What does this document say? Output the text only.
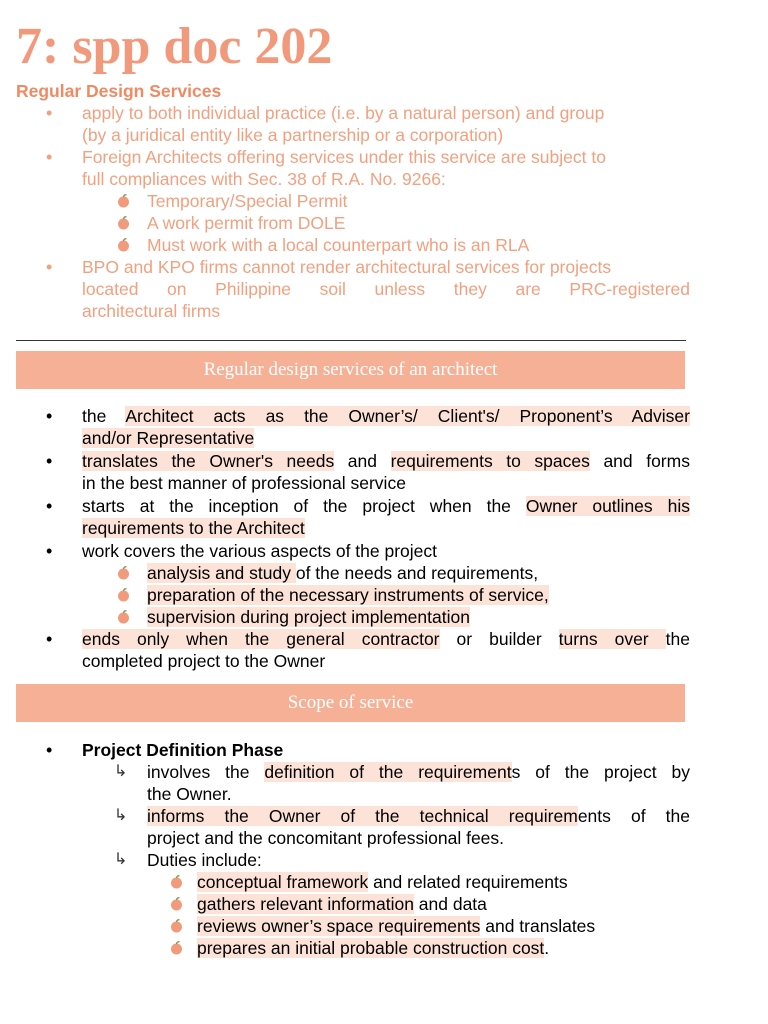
7: spp doc 202
Regular Design Services
• apply to both individual practice (i.e. by a natural person) and group
(by a juridical entity like a partnership or a corporation)
• Foreign Architects offering services under this service are subject to
full compliances with Sec. 38 of R.A. No. 9266:
Temporary/Special Permit
A work permit from DOLE
Must work with a local counterpart who is an RLA
• BPO and KPO firms cannot render architectural services for projects
located on Philippine soil unless they are PRC-registered
architectural firms
Regular design services of an architect
• the Architect acts as the Owner’s/ Client's/ Proponent’s Adviser
and/or Representative
• translates the Owner's needs and requirements to spaces and forms
in the best manner of professional service
• starts at the inception of the project when the Owner outlines his
requirements to the Architect
• work covers the various aspects of the project
analysis and study of the needs and requirements,
preparation of the necessary instruments of service,
supervision during project implementation
• ends only when the general contractor or builder turns over the
completed project to the Owner
Scope of service
• Project Definition Phase
↳ involves the definition of the requirements of the project by
the Owner.
↳ informs the Owner of the technical requirements of the
project and the concomitant professional fees.
↳ Duties include:
conceptual framework and related requirements
gathers relevant information and data
reviews owner’s space requirements and translates
prepares an initial probable construction cost.
